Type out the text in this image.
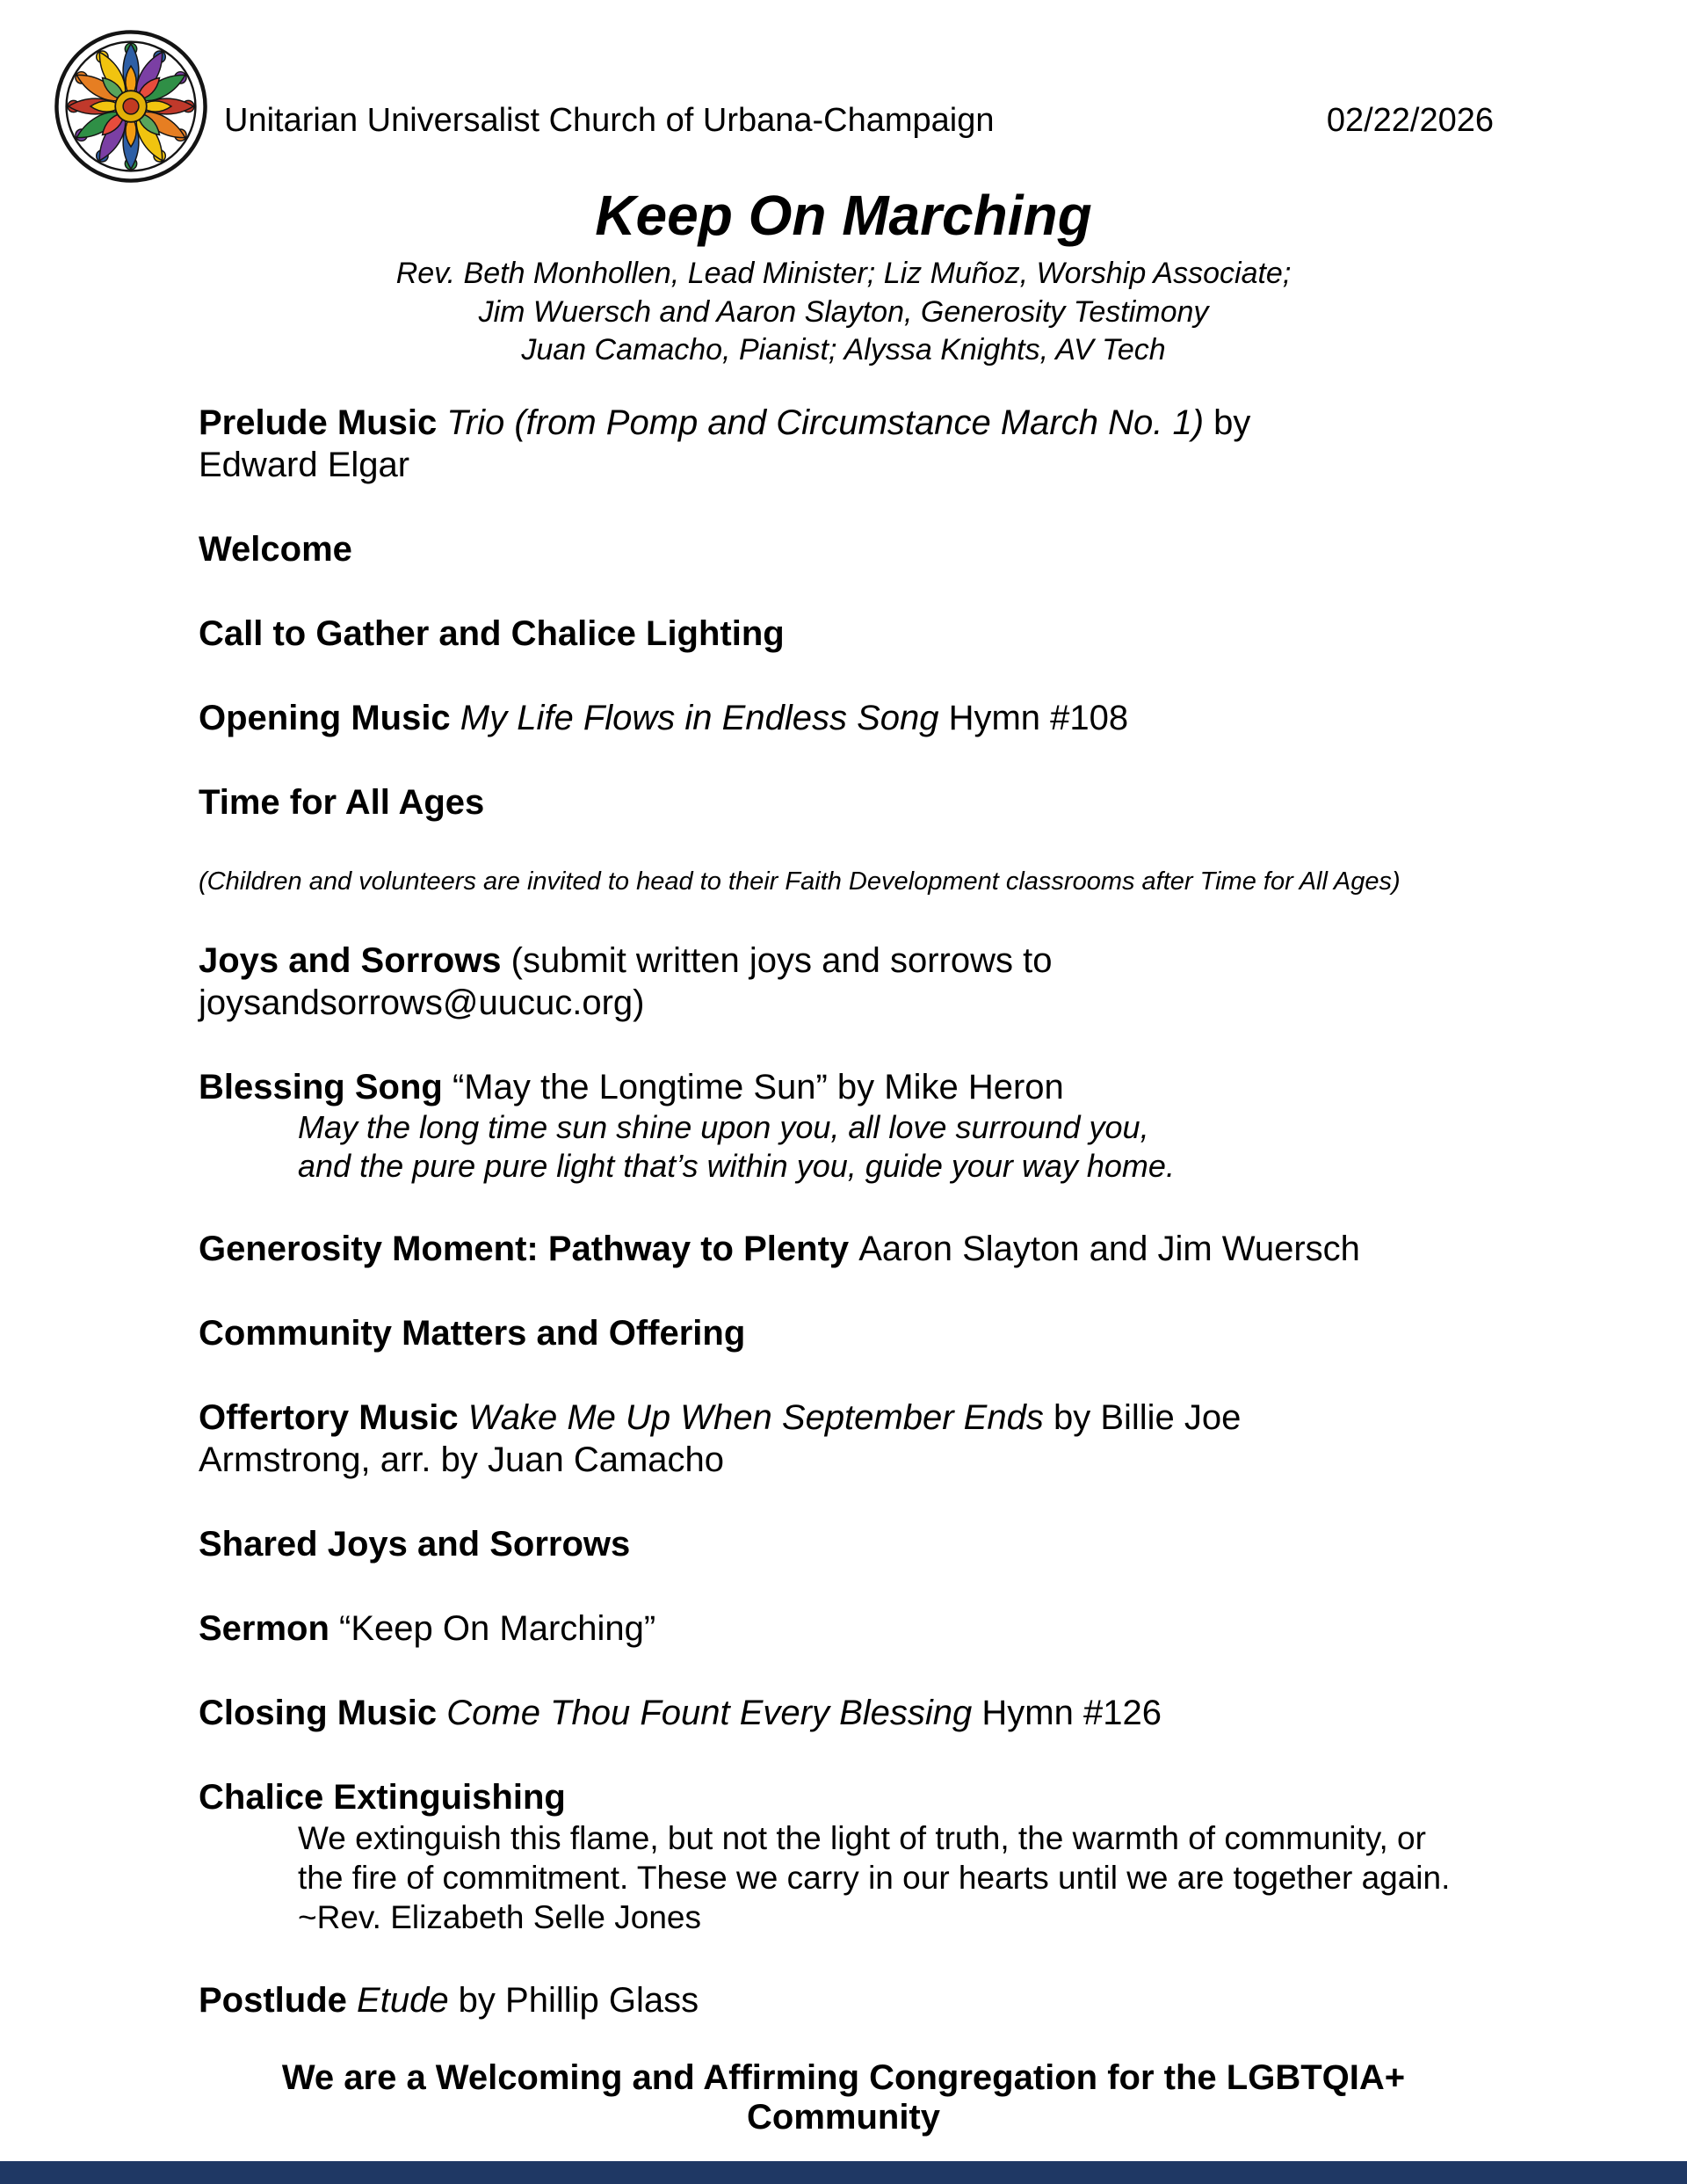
Unitarian Universalist Church of Urbana-Champaign	02/22/2026
Keep On Marching
Rev. Beth Monhollen, Lead Minister; Liz Muñoz, Worship Associate;
Jim Wuersch and Aaron Slayton, Generosity Testimony
Juan Camacho, Pianist; Alyssa Knights, AV Tech

Prelude Music Trio (from Pomp and Circumstance March No. 1) by
Edward Elgar

Welcome

Call to Gather and Chalice Lighting

Opening Music My Life Flows in Endless Song Hymn #108

Time for All Ages

(Children and volunteers are invited to head to their Faith Development classrooms after Time for All Ages)

Joys and Sorrows (submit written joys and sorrows to joysandsorrows@uucuc.org)

Blessing Song “May the Longtime Sun” by Mike Heron

May the long time sun shine upon you, all love surround you,
and the pure pure light that’s within you, guide your way home.

Generosity Moment: Pathway to Plenty Aaron Slayton and Jim Wuersch

Community Matters and Offering

Offertory Music Wake Me Up When September Ends by Billie Joe
Armstrong, arr. by Juan Camacho

Shared Joys and Sorrows

Sermon “Keep On Marching”

Closing Music Come Thou Fount Every Blessing Hymn #126

Chalice Extinguishing

We extinguish this flame, but not the light of truth, the warmth of community, or
the fire of commitment. These we carry in our hearts until we are together again.
~Rev. Elizabeth Selle Jones

Postlude Etude by Phillip Glass

We are a Welcoming and Affirming Congregation for the LGBTQIA+ Community
